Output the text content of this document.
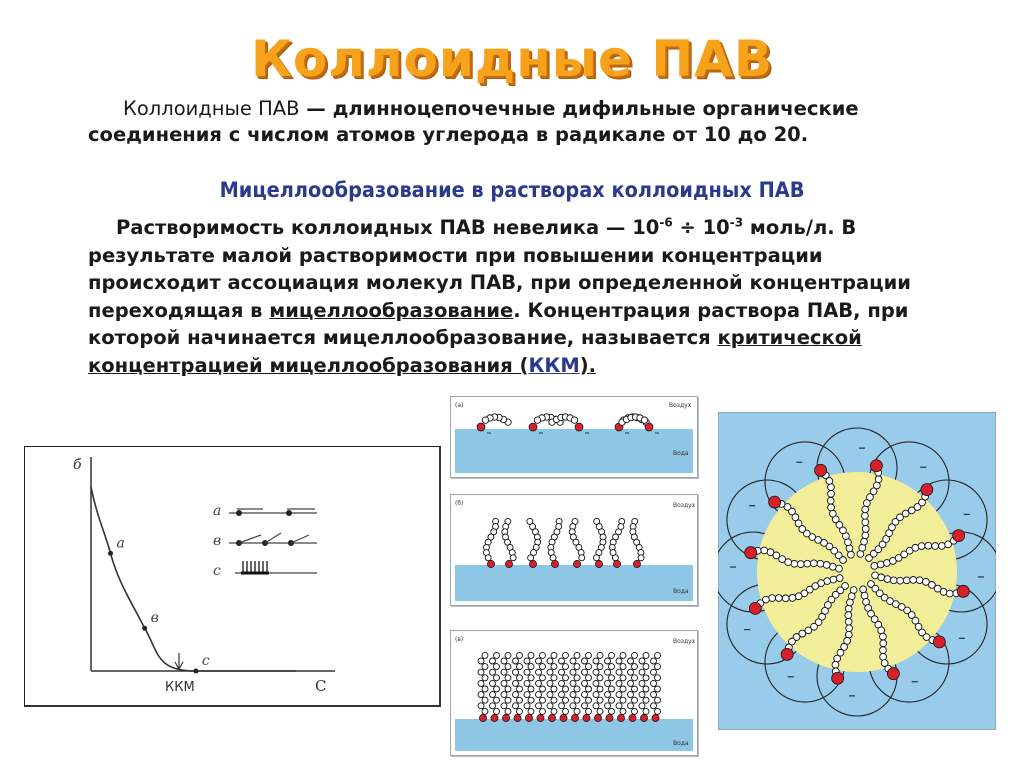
Коллоидные ПАВ

Коллоидные ПАВ — длинноцепочечные дифильные органические соединения с числом атомов углерода в радикале от 10 до 20.

Мицеллообразование в растворах коллоидных ПАВ

Растворимость коллоидных ПАВ невелика — $10^{-6} \div 10^{-3}$ моль/л. В результате малой растворимости при повышении концентрации происходит ассоциация молекул ПАВ, при определенной концентрации переходящая в мицеллообразование. Концентрация раствора ПАВ, при которой начинается мицеллообразование, называется критической концентрацией мицеллообразования (ККМ).

б
С
ККМ
а
в
с
а
в
с
(а)	Воздух
Вода
(б)	Воздух
Вода
(в)	Воздух
Вода
